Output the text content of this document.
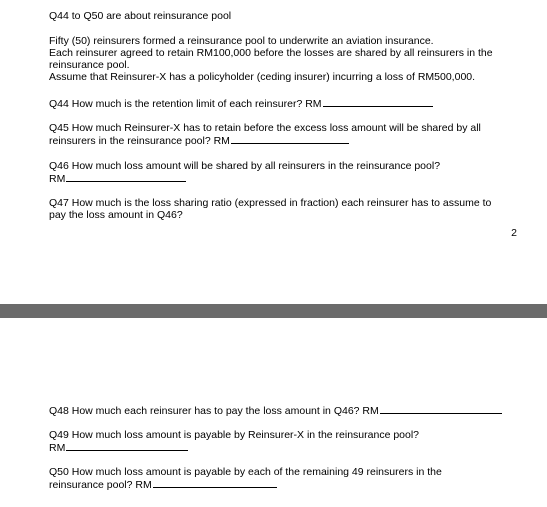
Q44 to Q50 are about reinsurance pool
Fifty (50) reinsurers formed a reinsurance pool to underwrite an aviation insurance.
Each reinsurer agreed to retain RM100,000 before the losses are shared by all reinsurers in the
reinsurance pool.
Assume that Reinsurer-X has a policyholder (ceding insurer) incurring a loss of RM500,000.
Q44 How much is the retention limit of each reinsurer? RM
Q45 How much Reinsurer-X has to retain before the excess loss amount will be shared by all
reinsurers in the reinsurance pool? RM
Q46 How much loss amount will be shared by all reinsurers in the reinsurance pool?
RM
Q47 How much is the loss sharing ratio (expressed in fraction) each reinsurer has to assume to
pay the loss amount in Q46?
2
Q48 How much each reinsurer has to pay the loss amount in Q46? RM
Q49 How much loss amount is payable by Reinsurer-X in the reinsurance pool?
RM
Q50 How much loss amount is payable by each of the remaining 49 reinsurers in the
reinsurance pool? RM
